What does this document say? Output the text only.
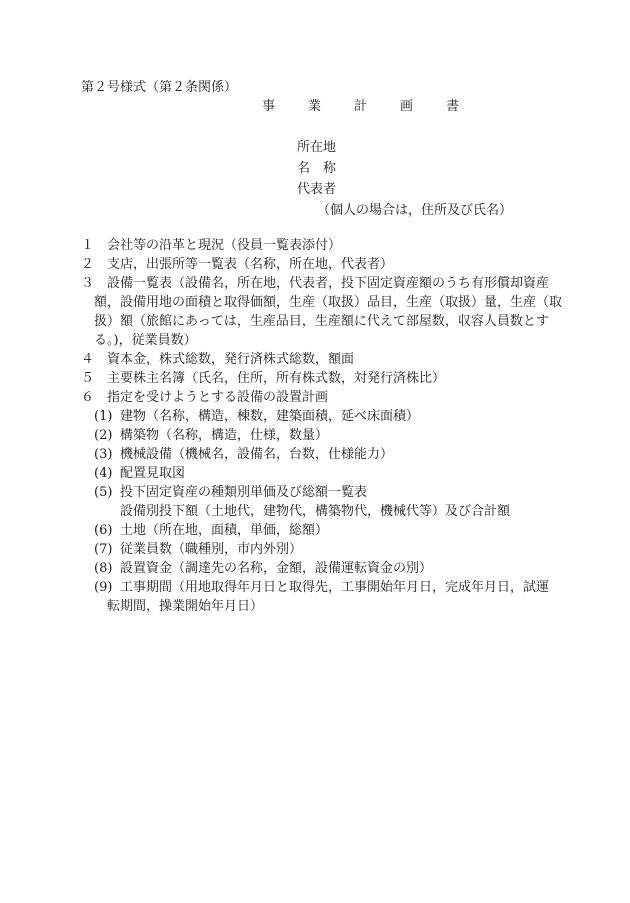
第２号様式（第２条関係）
事　業　計　画　書
所在地
名　称
代表者
（個人の場合は，住所及び氏名）
１ 会社等の沿革と現況（役員一覧表添付）
２ 支店，出張所等一覧表（名称，所在地，代表者）
３ 設備一覧表（設備名，所在地，代表者，投下固定資産額のうち有形償却資産
額，設備用地の面積と取得価額，生産（取扱）品目，生産（取扱）量，生産（取
扱）額（旅館にあっては，生産品目，生産額に代えて部屋数，収容人員数とす
る。)，従業員数）
４ 資本金，株式総数，発行済株式総数，額面
５ 主要株主名簿（氏名，住所，所有株式数，対発行済株比）
６ 指定を受けようとする設備の設置計画
(1) 建物（名称，構造，棟数，建築面積，延べ床面積）
(2) 構築物（名称，構造，仕様，数量）
(3) 機械設備（機械名，設備名，台数，仕様能力）
(4) 配置見取図
(5) 投下固定資産の種類別単価及び総額一覧表
設備別投下額（土地代，建物代，構築物代，機械代等）及び合計額
(6) 土地（所在地，面積，単価，総額）
(7) 従業員数（職種別，市内外別）
(8) 設置資金（調達先の名称，金額，設備運転資金の別）
(9) 工事期間（用地取得年月日と取得先，工事開始年月日，完成年月日，試運
転期間，操業開始年月日）
